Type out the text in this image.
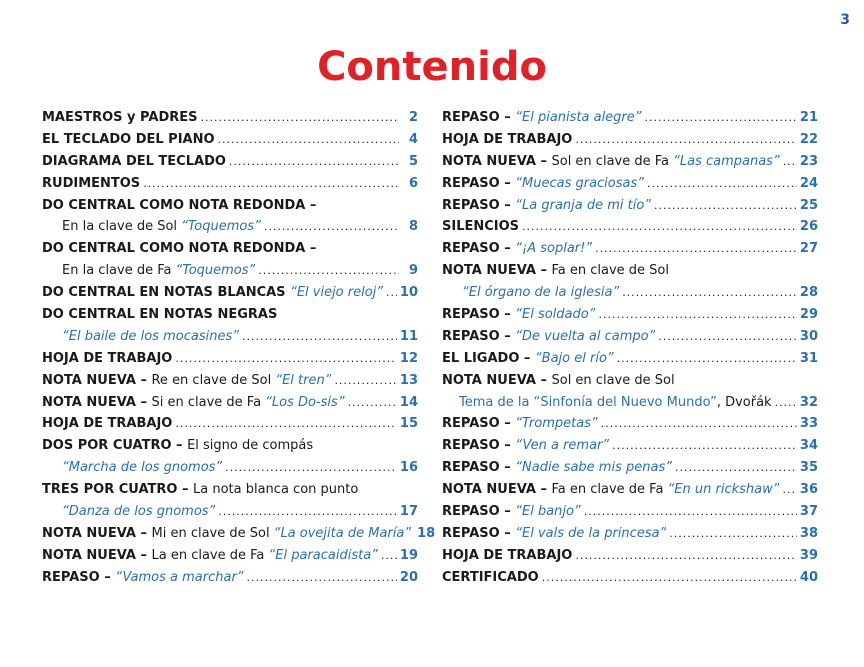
3
Contenido
MAESTROS y PADRES .....	2
EL TECLADO DEL PIANO .....	4
DIAGRAMA DEL TECLADO .....	5
RUDIMENTOS .....	6
DO CENTRAL COMO NOTA REDONDA –
En la clave de Sol “Toquemos” .....	8
DO CENTRAL COMO NOTA REDONDA –
En la clave de Fa “Toquemos” .....	9
DO CENTRAL EN NOTAS BLANCAS “El viejo reloj” ..... 10
DO CENTRAL EN NOTAS NEGRAS
“El baile de los mocasines” .....	11
HOJA DE TRABAJO .....	12
NOTA NUEVA – Re en clave de Sol “El tren” .....	13
NOTA NUEVA – Si en clave de Fa “Los Do-sis” .....	14
HOJA DE TRABAJO .....	15
DOS POR CUATRO – El signo de compás
“Marcha de los gnomos” .....	16
TRES POR CUATRO – La nota blanca con punto
“Danza de los gnomos” .....	17
NOTA NUEVA – Mi en clave de Sol “La ovejita de María” 18
NOTA NUEVA – La en clave de Fa “El paracaidista” ..... 19
REPASO – “Vamos a marchar” .....	20
REPASO – “El pianista alegre” .....	21
HOJA DE TRABAJO .....	22
NOTA NUEVA – Sol en clave de Fa “Las campanas” ..... 23
REPASO – “Muecas graciosas” .....	24
REPASO – “La granja de mi tío” .....	25
SILENCIOS .....	26
REPASO – “¡A soplar!” .....	27
NOTA NUEVA – Fa en clave de Sol
“El órgano de la iglesia” .....	28
REPASO – “El soldado” .....	29
REPASO – “De vuelta al campo” .....	30
EL LIGADO – “Bajo el río” .....	31
NOTA NUEVA – Sol en clave de Sol
Tema de la “Sinfonía del Nuevo Mundo”, Dvořák ..... 32
REPASO – “Trompetas” .....	33
REPASO – “Ven a remar” .....	34
REPASO – “Nadie sabe mis penas” .....	35
NOTA NUEVA – Fa en clave de Fa “En un rickshaw” ..... 36
REPASO – “El banjo” .....	37
REPASO – “El vals de la princesa” .....	38
HOJA DE TRABAJO .....	39
CERTIFICADO .....	40
